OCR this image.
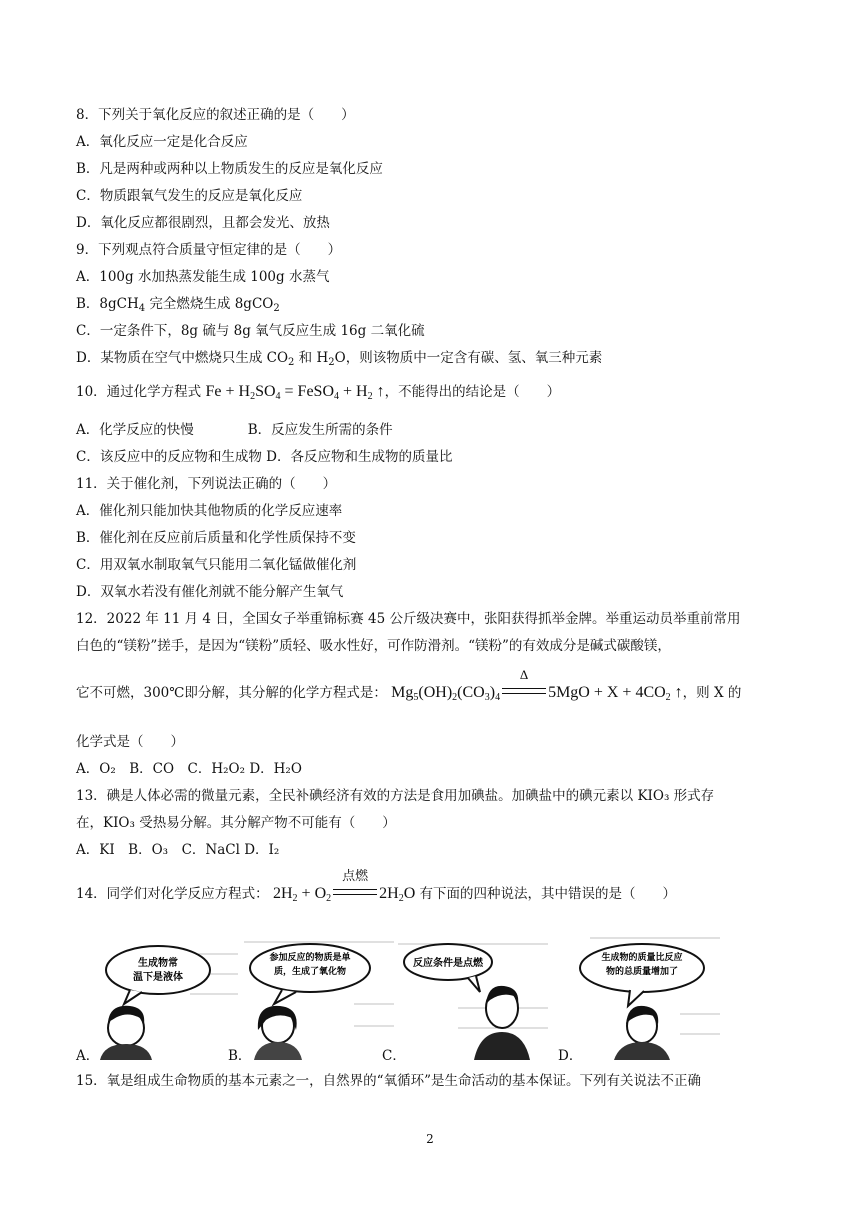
8．下列关于氧化反应的叙述正确的是（　　）
A．氧化反应一定是化合反应
B．凡是两种或两种以上物质发生的反应是氧化反应
C．物质跟氧气发生的反应是氧化反应
D．氧化反应都很剧烈，且都会发光、放热
9．下列观点符合质量守恒定律的是（　　）
A．100g 水加热蒸发能生成 100g 水蒸气
B．8gCH$_4$ 完全燃烧生成 8gCO$_2$
C．一定条件下，8g 硫与 8g 氧气反应生成 16g 二氧化硫
D．某物质在空气中燃烧只生成 $CO_2$ 和 $H_2O$，则该物质中一定含有碳、氢、氧三种元素
10．通过化学方程式 $Fe + H_2SO_4$ = FeSO$_4$ + $H_2$ ↑，不能得出的结论是（　　）
A．化学反应的快慢　　　　B．反应发生所需的条件
C．该反应中的反应物和生成物 D．各反应物和生成物的质量比
11．关于催化剂，下列说法正确的（　　）
A．催化剂只能加快其他物质的化学反应速率
B．催化剂在反应前后质量和化学性质保持不变
C．用双氧水制取氧气只能用二氧化锰做催化剂
D．双氧水若没有催化剂就不能分解产生氧气
12．2022 年 11 月 4 日，全国女子举重锦标赛 45 公斤级决赛中，张阳获得抓举金牌。举重运动员举重前常用
白色的“镁粉”搓手，是因为“镁粉”质轻、吸水性好，可作防滑剂。“镁粉”的有效成分是碱式碳酸镁，
它不可燃，300℃即分解，其分解的化学方程式是： $Mg_5(OH)_2(CO_3)_4$
Δ
$5MgO + X + 4CO_2$ ↑，则 X 的
化学式是（　　）
A．O₂　B．CO　C．H₂O₂ D．H₂O
13．碘是人体必需的微量元素，全民补碘经济有效的方法是食用加碘盐。加碘盐中的碘元素以 KIO₃ 形式存
在，KIO₃ 受热易分解。其分解产物不可能有（　　）
A．KI　B．O₃　C．NaCl D．I₂
14．同学们对化学反应方程式： $2H_2 + O_2$
点燃
$2H_2O$ 有下面的四种说法，其中错误的是（　　）
生成物常
温下是液体
参加反应的物质是单
质，生成了氧化物
反应条件是点燃	生成物的质量比反应
物的总质量增加了
A．	B．	C．	D．
15．氧是组成生命物质的基本元素之一，自然界的“氧循环”是生命活动的基本保证。下列有关说法不正确
2
